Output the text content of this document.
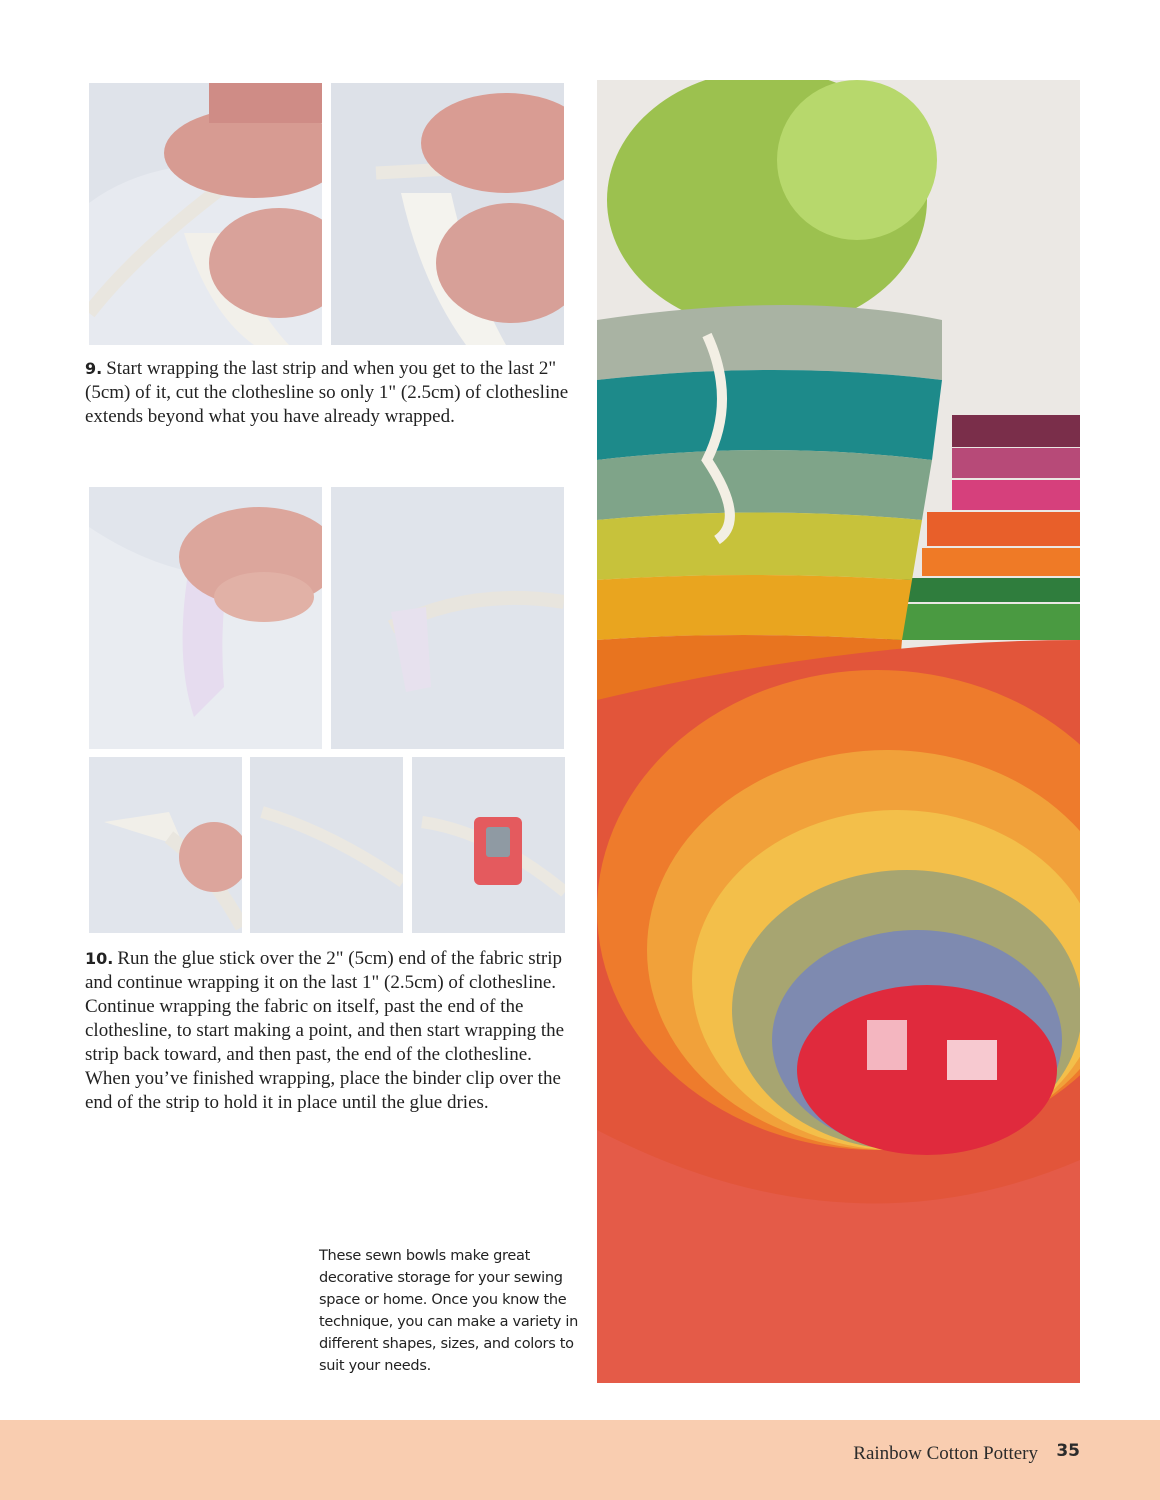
9. Start wrapping the last strip and when you get to the last 2" (5cm) of it, cut the clothesline so only 1" (2.5cm) of clothesline extends beyond what you have already wrapped.

10. Run the glue stick over the 2" (5cm) end of the fabric strip and continue wrapping it on the last 1" (2.5cm) of clothesline. Continue wrapping the fabric on itself, past the end of the clothesline, to start making a point, and then start wrapping the strip back toward, and then past, the end of the clothesline. When you’ve finished wrapping, place the binder clip over the end of the strip to hold it in place until the glue dries.

These sewn bowls make great decorative storage for your sewing space or home. Once you know the technique, you can make a variety in different shapes, sizes, and colors to suit your needs.

Rainbow Cotton Pottery 35
